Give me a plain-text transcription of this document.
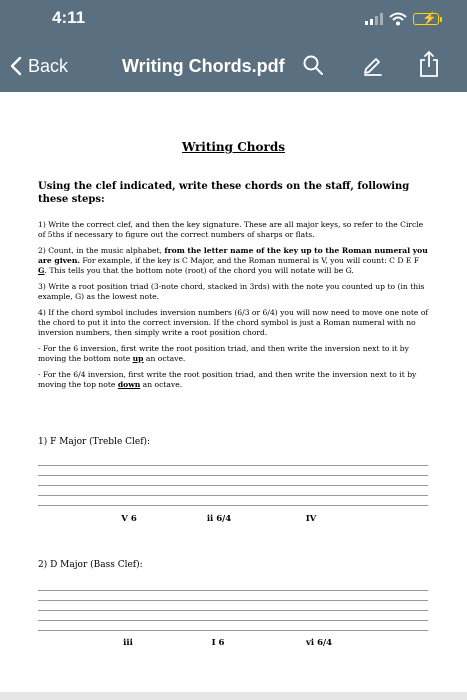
4:11	⚡
Back	Writing Chords.pdf
Writing Chords
Using the clef indicated, write these chords on the staff, following these steps:

1) Write the correct clef, and then the key signature. These are all major keys, so refer to the Circle of 5ths if necessary to figure out the correct numbers of sharps or flats.

2) Count, in the music alphabet, from the letter name of the key up to the Roman numeral you are given. For example, if the key is C Major, and the Roman numeral is V, you will count: C D E F G. This tells you that the bottom note (root) of the chord you will notate will be G.

3) Write a root position triad (3-note chord, stacked in 3rds) with the note you counted up to (in this example, G) as the lowest note.

4) If the chord symbol includes inversion numbers (6/3 or 6/4) you will now need to move one note of the chord to put it into the correct inversion. If the chord symbol is just a Roman numeral with no inversion numbers, then simply write a root position chord.

- For the 6 inversion, first write the root position triad, and then write the inversion next to it by moving the bottom note up an octave.

- For the 6/4 inversion, first write the root position triad, and then write the inversion next to it by moving the top note down an octave.

1) F Major (Treble Clef):
V 6	ii 6/4	IV
2) D Major (Bass Clef):
iii	I 6	vi 6/4
